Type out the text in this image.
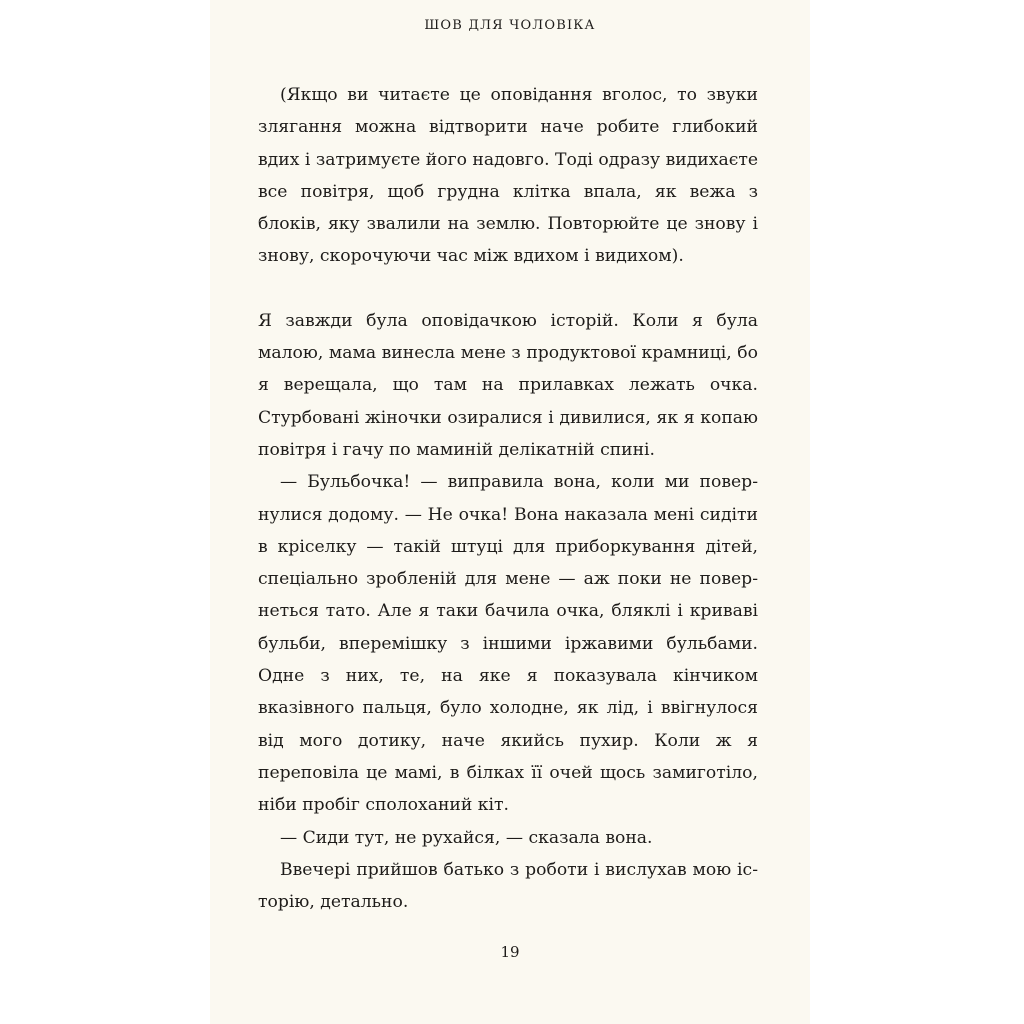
ШОВ ДЛЯ ЧОЛОВІКА

(Якщо ви читаєте це оповідання вголос, то звуки злягання можна відтворити наче робите глибокий вдих і затримуєте його надовго. Тоді одразу видихаєте все повітря, щоб грудна клітка впала, як вежа з блоків, яку звалили на землю. Повторюйте це знову і знову, скорочуючи час між вдихом і видихом).

Я завжди була оповідачкою історій. Коли я була малою, мама винесла мене з продуктової крамниці, бо я верещала, що там на прилавках лежать очка. Стурбовані жіночки озиралися і дивилися, як я копаю повітря і гачу по маминій делікатній спині.

— Бульбочка! — виправила вона, коли ми повернулися додому. — Не очка! Вона наказала мені сидіти в кріселку — такій штуці для приборкування дітей, спеціально зробленій для мене — аж поки не повернеться тато. Але я таки бачила очка, бляклі і криваві бульби, вперемішку з іншими іржавими бульбами. Одне з них, те, на яке я показувала кінчиком вказівного пальця, було холодне, як лід, і ввігнулося від мого дотику, наче якийсь пухир. Коли ж я переповіла це мамі, в білках її очей щось замиготіло, ніби пробіг сполоханий кіт.

— Сиди тут, не рухайся, — сказала вона.

Ввечері прийшов батько з роботи і вислухав мою історію, детально.

19
